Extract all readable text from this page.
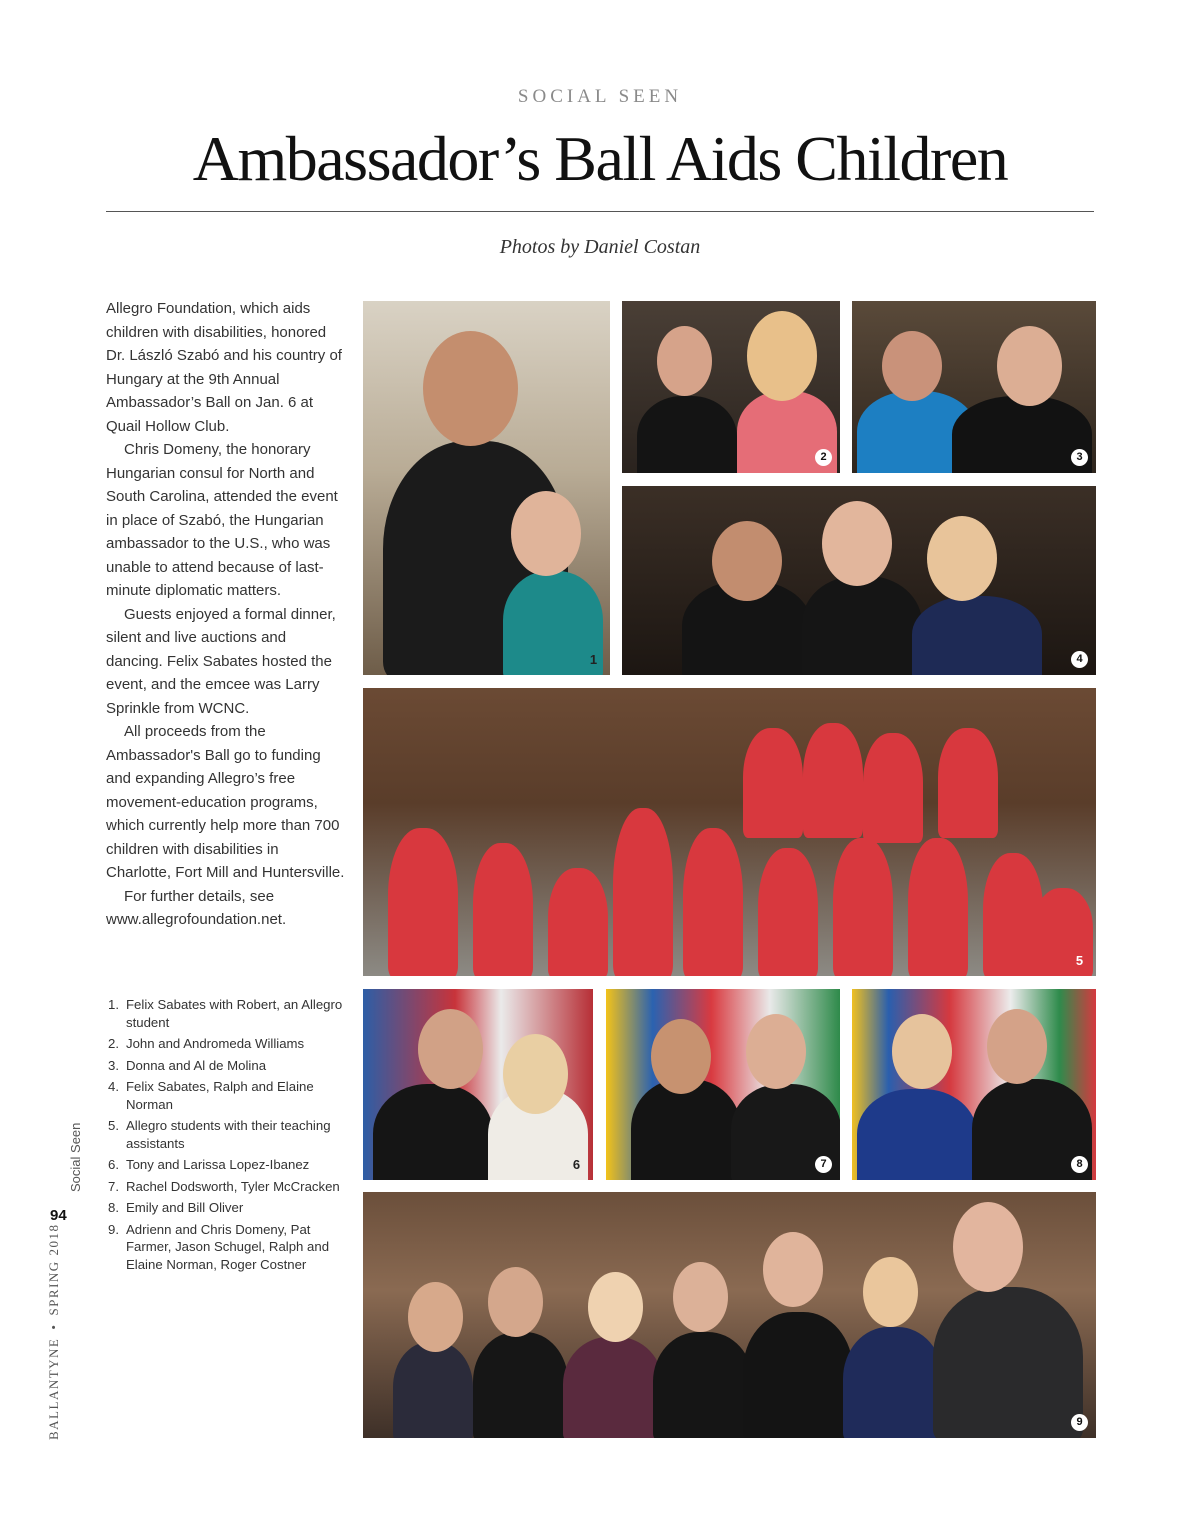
SOCIAL SEEN
Ambassador’s Ball Aids Children
Photos by Daniel Costan

Allegro Foundation, which aids children with disabilities, honored Dr. László Szabó and his country of Hungary at the 9th Annual Ambassador’s Ball on Jan. 6 at Quail Hollow Club.

Chris Domeny, the honorary Hungarian consul for North and South Carolina, attended the event in place of Szabó, the Hungarian ambassador to the U.S., who was unable to attend because of last-minute diplomatic matters.

Guests enjoyed a formal dinner, silent and live auctions and dancing. Felix Sabates hosted the event, and the emcee was Larry Sprinkle from WCNC.

All proceeds from the Ambassador's Ball go to funding and expanding Allegro’s free movement-education programs, which currently help more than 700 children with disabilities in Charlotte, Fort Mill and Huntersville.

For further details, see www.allegrofoundation.net.

1. Felix Sabates with Robert, an Allegro student
2. John and Andromeda Williams
3. Donna and Al de Molina
4. Felix Sabates, Ralph and Elaine Norman
5. Allegro students with their teaching assistants
6. Tony and Larissa Lopez-Ibanez
7. Rachel Dodsworth, Tyler McCracken
8. Emily and Bill Oliver
9. Adrienn and Chris Domeny, Pat Farmer, Jason Schugel, Ralph and Elaine Norman, Roger Costner
1
2	3
4
5
6	7	8
9
Social Seen
94
BALLANTYNE•SPRING 2018
